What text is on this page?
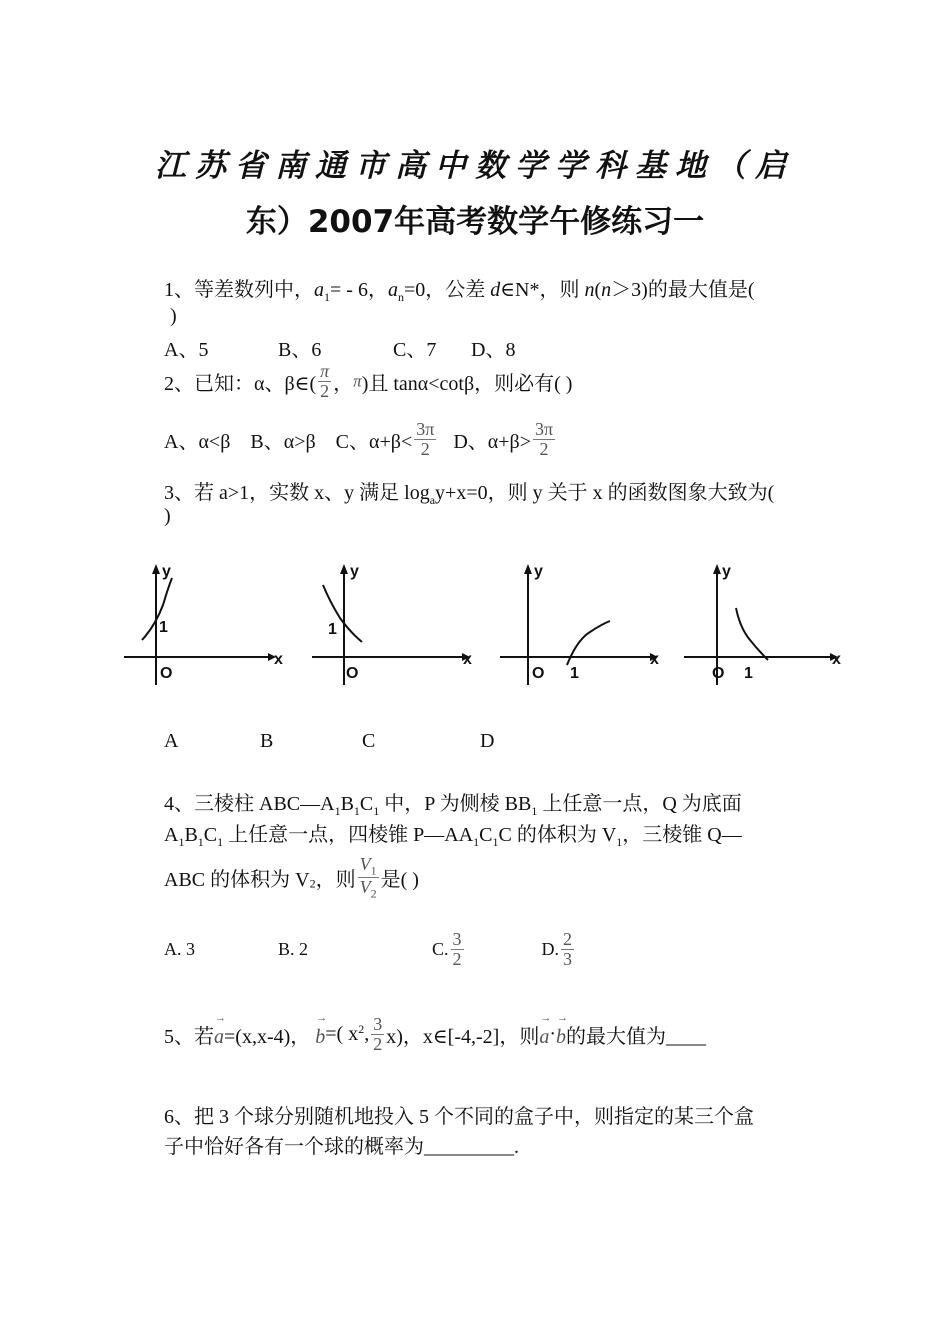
江苏省南通市高中数学学科基地（启
东）2007年高考数学午修练习一
1、等差数列中，$a_1= - 6$，$a_n=0$，公差 d∈N*，则 n(n＞3)的最大值是(
)
A、5	B、6	C、7 D、8
2、已知：α、β∈( $\frac{\pi}{2}$ ，π)且 tanα<cotβ，则必有( )
A、α<β B、α>β C、$\alpha+\beta< \frac{3\pi}{2}$ D、$\alpha+\beta> \frac{3\pi}{2}$
3、若 a>1，实数 x、y 满足 $\log_ay+x=0$，则 y 关于 x 的函数图象大致为(
)
y
x
O
1
y
x
O
1
y
x
O 1
y
x
O 1
A	B	C	D
4、三棱柱 $ABC—A_1B_1C_1$ 中，P 为侧棱 $BB_1$ 上任意一点，Q 为底面
$A_1B_1C_1$ 上任意一点，四棱锥 $P—AA_1C_1C$ 的体积为 $V_1$，三棱锥 Q—
ABC 的体积为 $V_2$，则 $\frac{V_1}{V_2}$ 是( )
A. 3	B. 2	C. $\frac{3}{2}$	D. $\frac{2}{3}$
5、若→ a=(x,x-4)， → b=( $x^2$, $\frac{3}{2} x$)，x∈[-4,-2]，则→ a·→ b的最大值为____
6、把 3 个球分别随机地投入 5 个不同的盒子中，则指定的某三个盒
子中恰好各有一个球的概率为_________.
